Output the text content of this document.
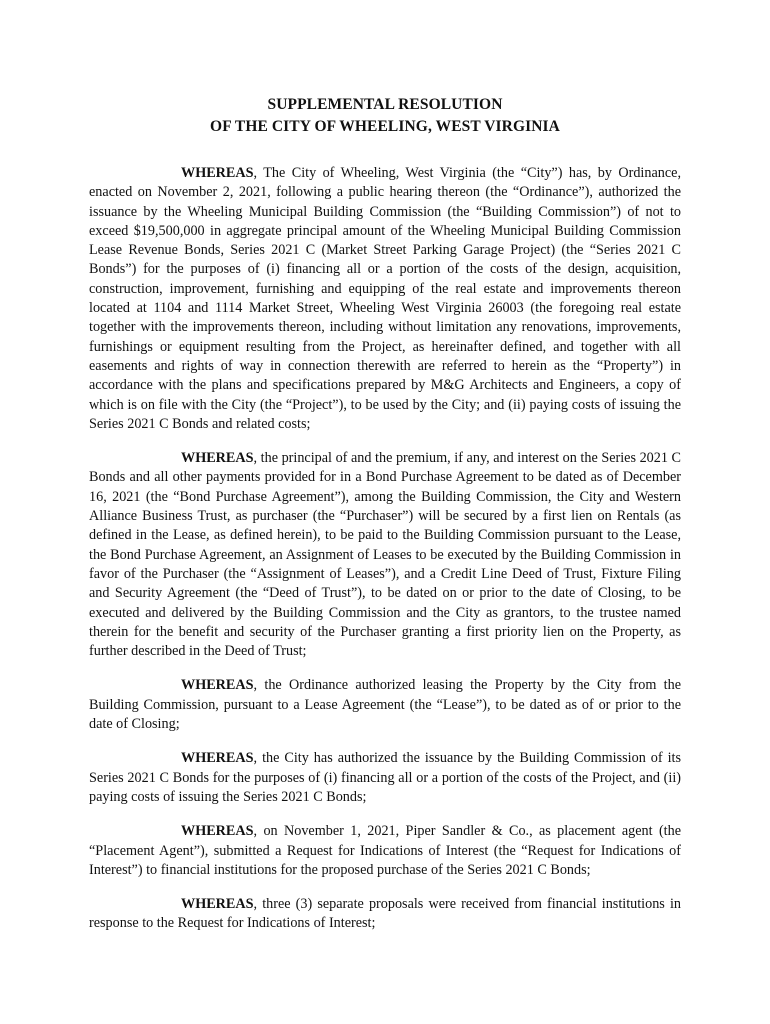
SUPPLEMENTAL RESOLUTION
OF THE CITY OF WHEELING, WEST VIRGINIA

WHEREAS, The City of Wheeling, West Virginia (the “City”) has, by Ordinance, enacted on November 2, 2021, following a public hearing thereon (the “Ordinance”), authorized the issuance by the Wheeling Municipal Building Commission (the “Building Commission”) of not to exceed $19,500,000 in aggregate principal amount of the Wheeling Municipal Building Commission Lease Revenue Bonds, Series 2021 C (Market Street Parking Garage Project) (the “Series 2021 C Bonds”) for the purposes of (i) financing all or a portion of the costs of the design, acquisition, construction, improvement, furnishing and equipping of the real estate and improvements thereon located at 1104 and 1114 Market Street, Wheeling West Virginia 26003 (the foregoing real estate together with the improvements thereon, including without limitation any renovations, improvements, furnishings or equipment resulting from the Project, as hereinafter defined, and together with all easements and rights of way in connection therewith are referred to herein as the “Property”) in accordance with the plans and specifications prepared by M&G Architects and Engineers, a copy of which is on file with the City (the “Project”), to be used by the City; and (ii) paying costs of issuing the Series 2021 C Bonds and related costs;

WHEREAS, the principal of and the premium, if any, and interest on the Series 2021 C Bonds and all other payments provided for in a Bond Purchase Agreement to be dated as of December 16, 2021 (the “Bond Purchase Agreement”), among the Building Commission, the City and Western Alliance Business Trust, as purchaser (the “Purchaser”) will be secured by a first lien on Rentals (as defined in the Lease, as defined herein), to be paid to the Building Commission pursuant to the Lease, the Bond Purchase Agreement, an Assignment of Leases to be executed by the Building Commission in favor of the Purchaser (the “Assignment of Leases”), and a Credit Line Deed of Trust, Fixture Filing and Security Agreement (the “Deed of Trust”), to be dated on or prior to the date of Closing, to be executed and delivered by the Building Commission and the City as grantors, to the trustee named therein for the benefit and security of the Purchaser granting a first priority lien on the Property, as further described in the Deed of Trust;

WHEREAS, the Ordinance authorized leasing the Property by the City from the Building Commission, pursuant to a Lease Agreement (the “Lease”), to be dated as of or prior to the date of Closing;

WHEREAS, the City has authorized the issuance by the Building Commission of its Series 2021 C Bonds for the purposes of (i) financing all or a portion of the costs of the Project, and (ii) paying costs of issuing the Series 2021 C Bonds;

WHEREAS, on November 1, 2021, Piper Sandler & Co., as placement agent (the “Placement Agent”), submitted a Request for Indications of Interest (the “Request for Indications of Interest”) to financial institutions for the proposed purchase of the Series 2021 C Bonds;

WHEREAS, three (3) separate proposals were received from financial institutions in response to the Request for Indications of Interest;
